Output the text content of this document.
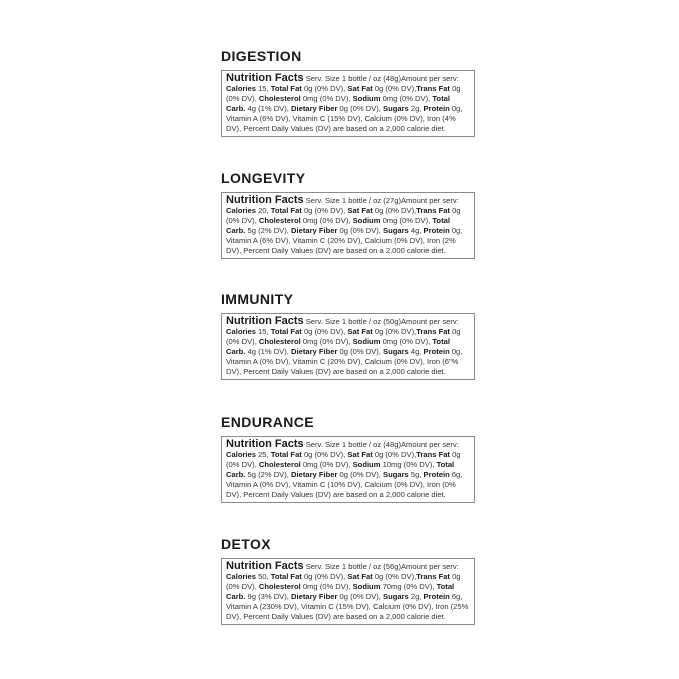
DIGESTION
Nutrition Facts Serv. Size 1 bottle / oz (48g)Amount per serv: Calories 15, Total Fat 0g (0% DV), Sat Fat 0g (0% DV),Trans Fat 0g (0% DV), Cholesterol 0mg (0% DV), Sodium 0mg (0% DV), Total Carb. 4g (1% DV), Dietary Fiber 0g (0% DV), Sugars 2g, Protein 0g, Vitamin A (6% DV), Vitamin C (15% DV), Calcium (0% DV), Iron (4% DV), Percent Daily Values (DV) are based on a 2,000 calorie diet.
LONGEVITY
Nutrition Facts Serv. Size 1 bottle / oz (27g)Amount per serv: Calories 20, Total Fat 0g (0% DV), Sat Fat 0g (0% DV),Trans Fat 0g (0% DV), Cholesterol 0mg (0% DV), Sodium 0mg (0% DV), Total Carb. 5g (2% DV), Dietary Fiber 0g (0% DV), Sugars 4g, Protein 0g, Vitamin A (6% DV), Vitamin C (20% DV), Calcium (0% DV), Iron (2% DV), Percent Daily Values (DV) are based on a 2,000 calorie diet.
IMMUNITY
Nutrition Facts Serv. Size 1 bottle / oz (50g)Amount per serv: Calories 15, Total Fat 0g (0% DV), Sat Fat 0g (0% DV),Trans Fat 0g (0% DV), Cholesterol 0mg (0% DV), Sodium 0mg (0% DV), Total Carb. 4g (1% DV), Dietary Fiber 0g (0% DV), Sugars 4g, Protein 0g, Vitamin A (0% DV), Vitamin C (20% DV), Calcium (0% DV), Iron (6"% DV), Percent Daily Values (DV) are based on a 2,000 calorie diet.
ENDURANCE
Nutrition Facts Serv. Size 1 bottle / oz (48g)Amount per serv: Calories 25, Total Fat 0g (0% DV), Sat Fat 0g (0% DV),Trans Fat 0g (0% DV), Cholesterol 0mg (0% DV), Sodium 10mg (0% DV), Total Carb. 5g (2% DV), Dietary Fiber 0g (0% DV), Sugars 5g, Protein 6g, Vitamin A (0% DV), Vitamin C (10% DV), Calcium (0% DV), Iron (0% DV), Percent Daily Values (DV) are based on a 2,000 calorie diet.
DETOX
Nutrition Facts Serv. Size 1 bottle / oz (56g)Amount per serv: Calories 50, Total Fat 0g (0% DV), Sat Fat 0g (0% DV),Trans Fat 0g (0% DV), Cholesterol 0mg (0% DV), Sodium 70mg (0% DV), Total Carb. 9g (3% DV), Dietary Fiber 0g (0% DV), Sugars 2g, Protein 6g, Vitamin A (230% DV), Vitamin C (15% DV), Calcium (0% DV), Iron (25% DV), Percent Daily Values (DV) are based on a 2,000 calorie diet.
